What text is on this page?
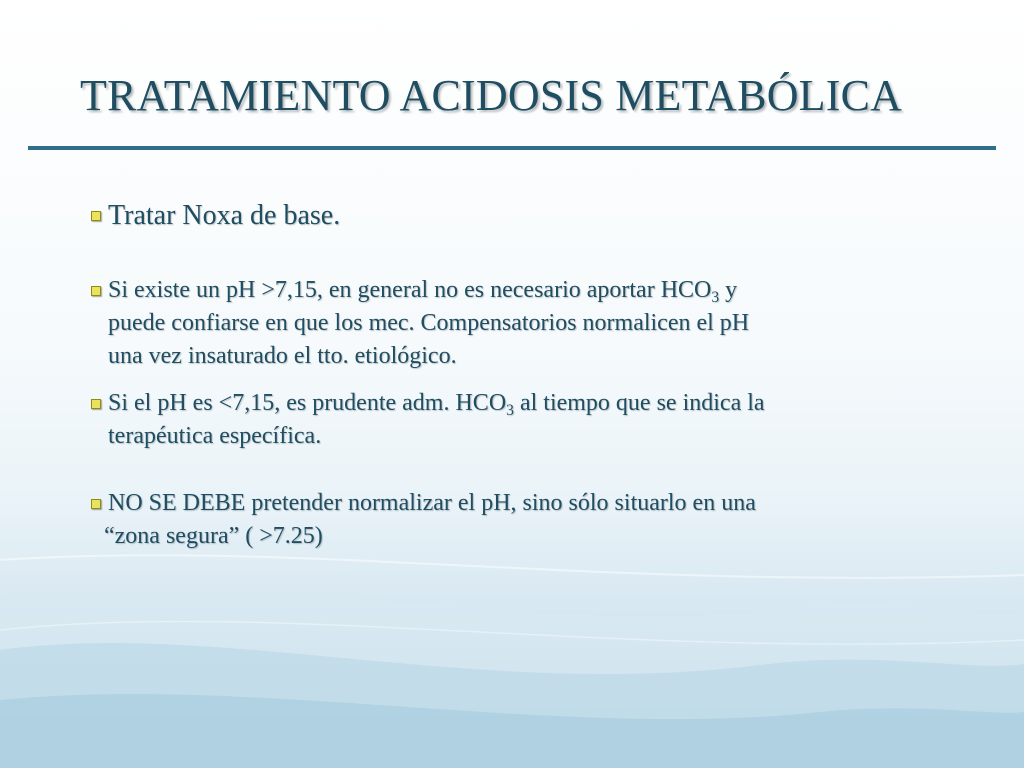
TRATAMIENTO ACIDOSIS METABÓLICA
Tratar Noxa de base.
Si existe un pH >7,15, en general no es necesario aportar $HCO_3$ y
puede confiarse en que los mec. Compensatorios normalicen el pH
una vez insaturado el tto. etiológico.
Si el pH es <7,15, es prudente adm. $HCO_3$ al tiempo que se indica la
terapéutica específica.
NO SE DEBE pretender normalizar el pH, sino sólo situarlo en una
“zona segura” ( >7.25)
